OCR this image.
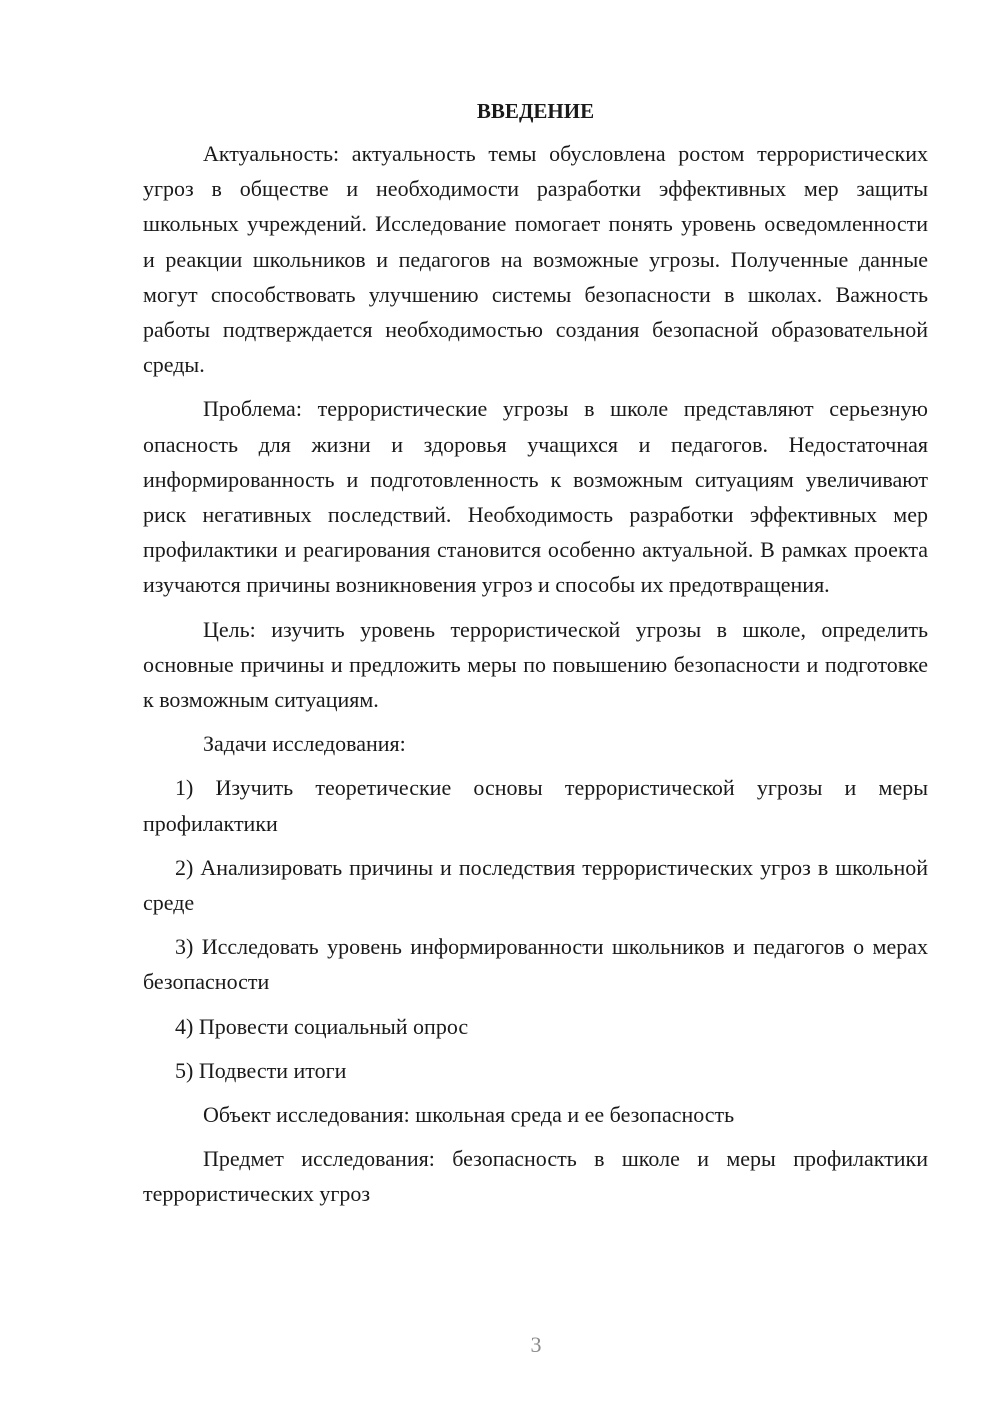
ВВЕДЕНИЕ

Актуальность: актуальность темы обусловлена ростом террористических угроз в обществе и необходимости разработки эффективных мер защиты школьных учреждений. Исследование помогает понять уровень осведомленности и реакции школьников и педагогов на возможные угрозы. Полученные данные могут способствовать улучшению системы безопасности в школах. Важность работы подтверждается необходимостью создания безопасной образовательной среды.

Проблема: террористические угрозы в школе представляют серьезную опасность для жизни и здоровья учащихся и педагогов. Недостаточная информированность и подготовленность к возможным ситуациям увеличивают риск негативных последствий. Необходимость разработки эффективных мер профилактики и реагирования становится особенно актуальной. В рамках проекта изучаются причины возникновения угроз и способы их предотвращения.

Цель: изучить уровень террористической угрозы в школе, определить основные причины и предложить меры по повышению безопасности и подготовке к возможным ситуациям.

Задачи исследования:

1) Изучить теоретические основы террористической угрозы и меры профилактики

2) Анализировать причины и последствия террористических угроз в школьной среде

3) Исследовать уровень информированности школьников и педагогов о мерах безопасности

4) Провести социальный опрос

5) Подвести итоги

Объект исследования: школьная среда и ее безопасность

Предмет исследования: безопасность в школе и меры профилактики террористических угроз

3
